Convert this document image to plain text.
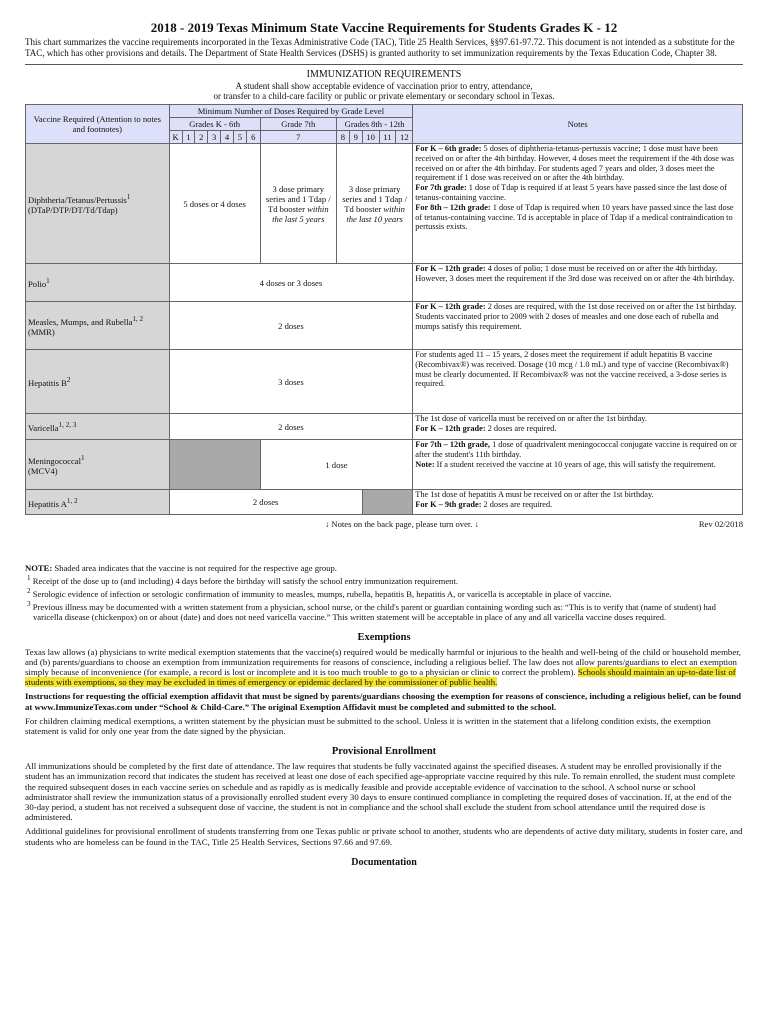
2018 - 2019 Texas Minimum State Vaccine Requirements for Students Grades K - 12

This chart summarizes the vaccine requirements incorporated in the Texas Administrative Code (TAC), Title 25 Health Services, §§97.61-97.72. This document is not intended as a substitute for the TAC, which has other provisions and details. The Department of State Health Services (DSHS) is granted authority to set immunization requirements by the Texas Education Code, Chapter 38.

IMMUNIZATION REQUIREMENTS
A student shall show acceptable evidence of vaccination prior to entry, attendance,
or transfer to a child-care facility or public or private elementary or secondary school in Texas.
Vaccine Required (Attention to notes and footnotes)	Minimum Number of Doses Required by Grade Level													Notes
	Grades K - 6th							Grade 7th	Grades 8th - 12th					
	K	1	2	3	4	5	6	7	8	9	10	11	12	
Diphtheria/Tetanus/Pertussis$^1$
(DTaP/DTP/DT/Td/Tdap)	5 doses or 4 doses							3 dose primary series and 1 Tdap / Td booster within the last 5 years	3 dose primary series and 1 Tdap / Td booster within the last 10 years					For K – 6th grade: 5 doses of diphtheria-tetanus-pertussis vaccine; 1 dose must have been received on or after the 4th birthday. However, 4 doses meet the requirement if the 4th dose was received on or after the 4th birthday. For students aged 7 years and older, 3 doses meet the requirement if 1 dose was received on or after the 4th birthday.
For 7th grade: 1 dose of Tdap is required if at least 5 years have passed since the last dose of tetanus-containing vaccine.
For 8th – 12th grade: 1 dose of Tdap is required when 10 years have passed since the last dose of tetanus-containing vaccine. Td is acceptable in place of Tdap if a medical contraindication to pertussis exists.
Polio$^1$	4 doses or 3 doses													For K – 12th grade: 4 doses of polio; 1 dose must be received on or after the 4th birthday. However, 3 doses meet the requirement if the 3rd dose was received on or after the 4th birthday.
Measles, Mumps, and Rubella$^{1, 2}$
(MMR)	2 doses													For K – 12th grade: 2 doses are required, with the 1st dose received on or after the 1st birthday. Students vaccinated prior to 2009 with 2 doses of measles and one dose each of rubella and mumps satisfy this requirement.
Hepatitis $B^2$	3 doses													For students aged 11 – 15 years, 2 doses meet the requirement if adult hepatitis B vaccine (Recombivax®) was received. Dosage (10 mcg / 1.0 mL) and type of vaccine (Recombivax®) must be clearly documented. If Recombivax® was not the vaccine received, a 3-dose series is required.
Varicella$^{1, 2, 3}$	2 doses													The 1st dose of varicella must be received on or after the 1st birthday.
For K – 12th grade: 2 doses are required.
Meningococcal$^1$
(MCV4)								1 dose						For 7th – 12th grade, 1 dose of quadrivalent meningococcal conjugate vaccine is required on or after the student's 11th birthday.
Note: If a student received the vaccine at 10 years of age, this will satisfy the requirement.
Hepatitis A$^{1, 2}$	2 doses													The 1st dose of hepatitis A must be received on or after the 1st birthday.
For K – 9th grade: 2 doses are required.
↓ Notes on the back page, please turn over. ↓	Rev 02/2018

NOTE: Shaded area indicates that the vaccine is not required for the respective age group.

$^1$ Receipt of the dose up to (and including) 4 days before the birthday will satisfy the school entry immunization requirement.

$^2$ Serologic evidence of infection or serologic confirmation of immunity to measles, mumps, rubella, hepatitis B, hepatitis A, or varicella is acceptable in place of vaccine.

$^3$ Previous illness may be documented with a written statement from a physician, school nurse, or the child's parent or guardian containing wording such as: “This is to verify that (name of student) had varicella disease (chickenpox) on or about (date) and does not need varicella vaccine.” This written statement will be acceptable in place of any and all varicella vaccine doses required.

Exemptions

Texas law allows (a) physicians to write medical exemption statements that the vaccine(s) required would be medically harmful or injurious to the health and well-being of the child or household member, and (b) parents/guardians to choose an exemption from immunization requirements for reasons of conscience, including a religious belief. The law does not allow parents/guardians to elect an exemption simply because of inconvenience (for example, a record is lost or incomplete and it is too much trouble to go to a physician or clinic to correct the problem). Schools should maintain an up-to-date list of students with exemptions, so they may be excluded in times of emergency or epidemic declared by the commissioner of public health.

Instructions for requesting the official exemption affidavit that must be signed by parents/guardians choosing the exemption for reasons of conscience, including a religious belief, can be found at www.ImmunizeTexas.com under “School & Child-Care.” The original Exemption Affidavit must be completed and submitted to the school.

For children claiming medical exemptions, a written statement by the physician must be submitted to the school. Unless it is written in the statement that a lifelong condition exists, the exemption statement is valid for only one year from the date signed by the physician.

Provisional Enrollment

All immunizations should be completed by the first date of attendance. The law requires that students be fully vaccinated against the specified diseases. A student may be enrolled provisionally if the student has an immunization record that indicates the student has received at least one dose of each specified age-appropriate vaccine required by this rule. To remain enrolled, the student must complete the required subsequent doses in each vaccine series on schedule and as rapidly as is medically feasible and provide acceptable evidence of vaccination to the school. A school nurse or school administrator shall review the immunization status of a provisionally enrolled student every 30 days to ensure continued compliance in completing the required doses of vaccination. If, at the end of the 30-day period, a student has not received a subsequent dose of vaccine, the student is not in compliance and the school shall exclude the student from school attendance until the required dose is administered.

Additional guidelines for provisional enrollment of students transferring from one Texas public or private school to another, students who are dependents of active duty military, students in foster care, and students who are homeless can be found in the TAC, Title 25 Health Services, Sections 97.66 and 97.69.

Documentation
